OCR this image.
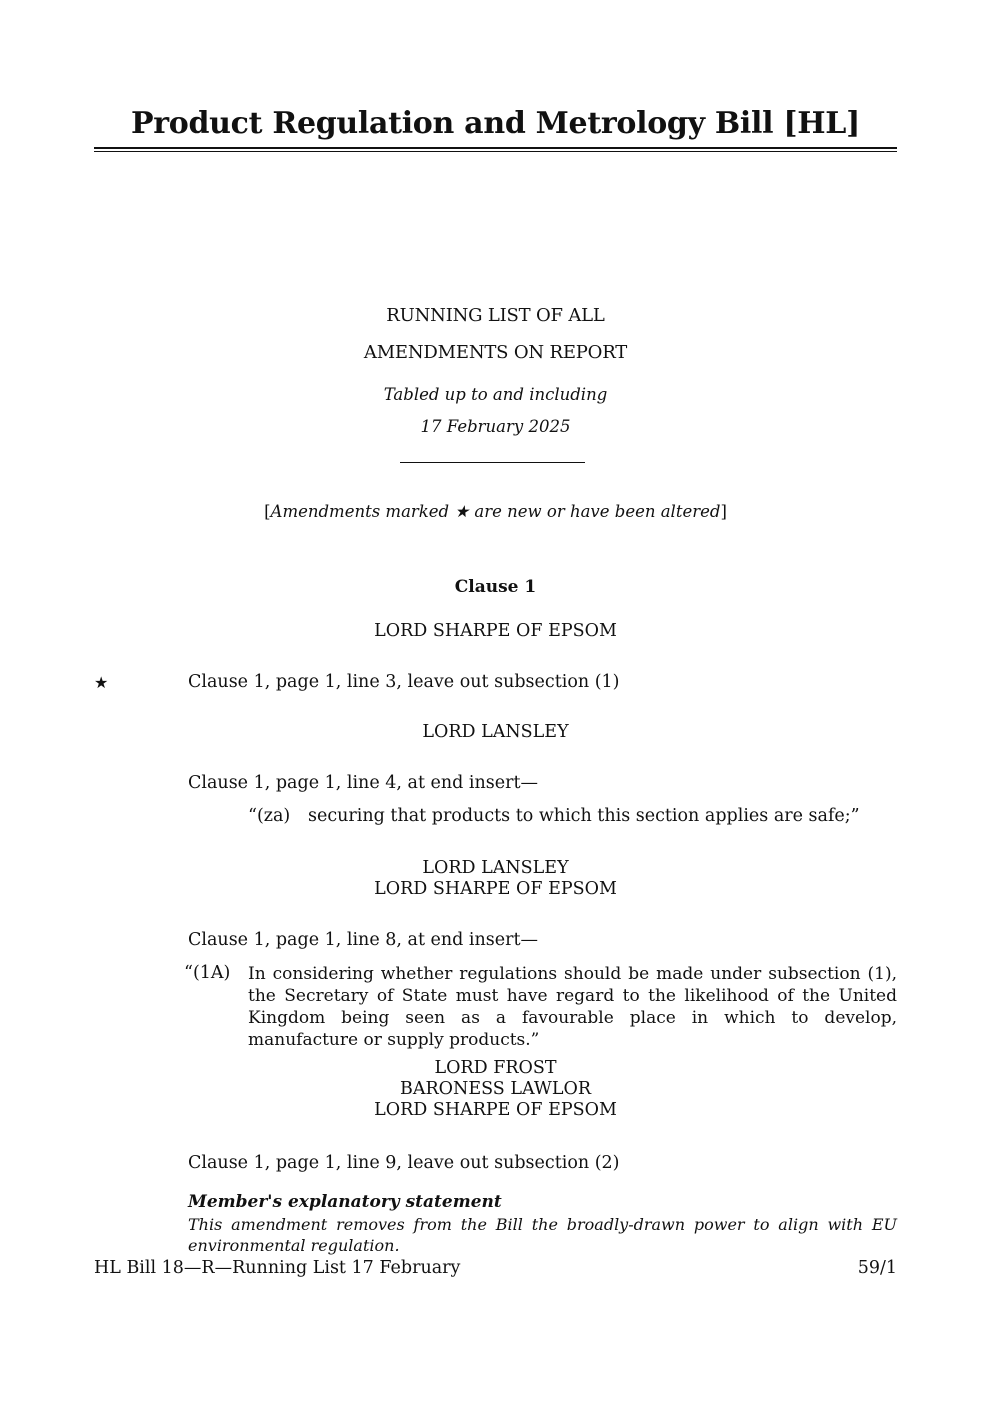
Product Regulation and Metrology Bill [HL]
RUNNING LIST OF ALL
AMENDMENTS ON REPORT
Tabled up to and including
17 February 2025
[Amendments marked ★ are new or have been altered]
Clause 1
LORD SHARPE OF EPSOM
★	Clause 1, page 1, line 3, leave out subsection (1)
LORD LANSLEY
Clause 1, page 1, line 4, at end insert—
“(za) securing that products to which this section applies are safe;”
LORD LANSLEY
LORD SHARPE OF EPSOM
Clause 1, page 1, line 8, at end insert—
“(1A) In considering whether regulations should be made under subsection (1), the Secretary of State must have regard to the likelihood of the United Kingdom being seen as a favourable place in which to develop, manufacture or supply products.”
LORD FROST
BARONESS LAWLOR
LORD SHARPE OF EPSOM
Clause 1, page 1, line 9, leave out subsection (2)
Member's explanatory statement
This amendment removes from the Bill the broadly-drawn power to align with EU environmental regulation.
HL Bill 18—R—Running List 17 February	59/1
